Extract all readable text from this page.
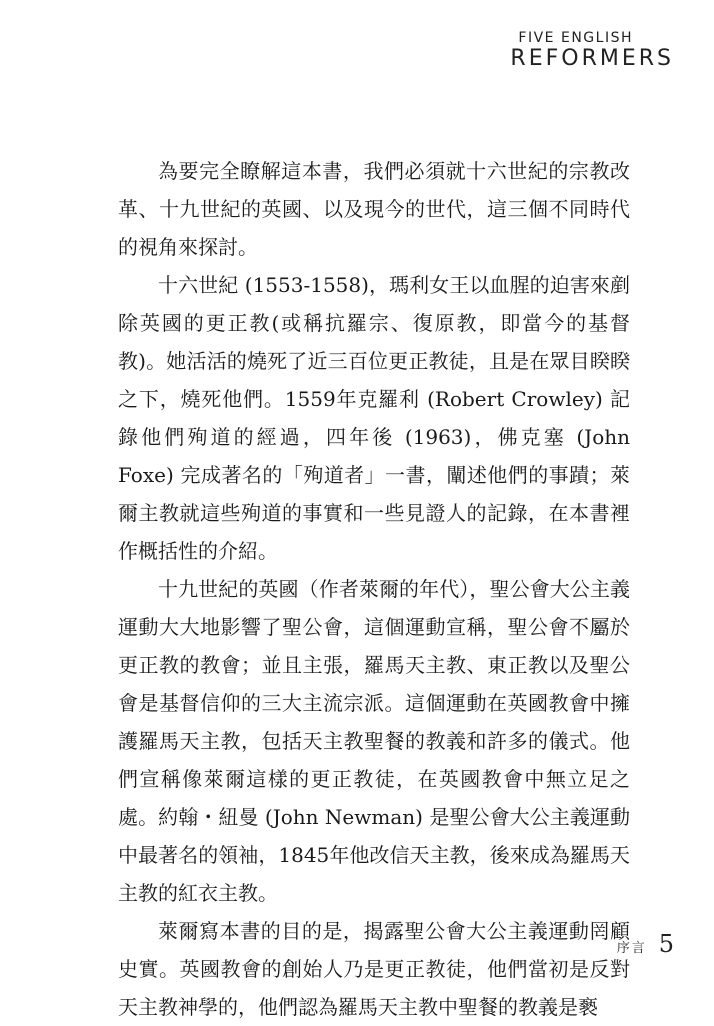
FIVE ENGLISH
REFORMERS

為要完全瞭解這本書，我們必須就十六世紀的宗教改革、十九世紀的英國、以及現今的世代，這三個不同時代的視角來探討。

十六世紀 (1553-1558)，瑪利女王以血腥的迫害來剷除英國的更正教(或稱抗羅宗、復原教，即當今的基督教)。她活活的燒死了近三百位更正教徒，且是在眾目睽睽之下，燒死他們。1559年克羅利 (Robert Crowley) 記錄他們殉道的經過，四年後 (1963)，佛克塞 (John Foxe) 完成著名的「殉道者」一書，闡述他們的事蹟；萊爾主教就這些殉道的事實和一些見證人的記錄，在本書裡作概括性的介紹。

十九世紀的英國（作者萊爾的年代），聖公會大公主義運動大大地影響了聖公會，這個運動宣稱，聖公會不屬於更正教的教會；並且主張，羅馬天主教、東正教以及聖公會是基督信仰的三大主流宗派。這個運動在英國教會中擁護羅馬天主教，包括天主教聖餐的教義和許多的儀式。他們宣稱像萊爾這樣的更正教徒，在英國教會中無立足之處。約翰・紐曼 (John Newman) 是聖公會大公主義運動中最著名的領袖，1845年他改信天主教，後來成為羅馬天主教的紅衣主教。

萊爾寫本書的目的是，揭露聖公會大公主義運動罔顧史實。英國教會的創始人乃是更正教徒，他們當初是反對天主教神學的，他們認為羅馬天主教中聖餐的教義是褻

序言 5
